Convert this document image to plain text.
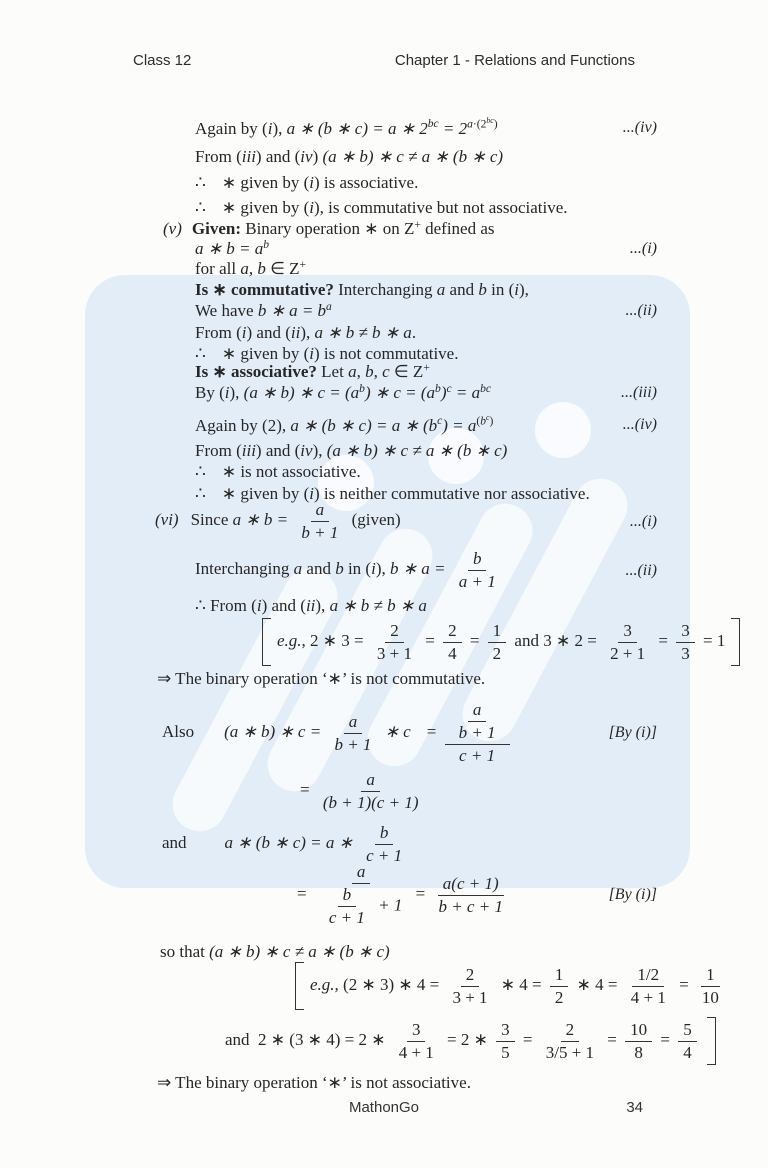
Class 12	Chapter 1 - Relations and Functions
Again by (i), a ∗ (b ∗ c) = a ∗ 2bc = 2a·(2bc)	...(iv)
From (iii) and (iv) (a ∗ b) ∗ c ≠ a ∗ (b ∗ c)
∴ ∗ given by (i) is associative.
∴ ∗ given by (i), is commutative but not associative.
(v) Given: Binary operation ∗ on Z+ defined as
a ∗ b = ab	...(i)
for all a, b ∈ Z+
Is ∗ commutative? Interchanging a and b in (i),
We have b ∗ a = ba	...(ii)
From (i) and (ii), a ∗ b ≠ b ∗ a.
∴ ∗ given by (i) is not commutative.
Is ∗ associative? Let a, b, c ∈ Z+
By (i), (a ∗ b) ∗ c = (ab) ∗ c = (ab)c = abc	...(iii)
Again by (2), a ∗ (b ∗ c) = a ∗ (bc) = a(bc)	...(iv)
From (iii) and (iv), (a ∗ b) ∗ c ≠ a ∗ (b ∗ c)
∴ ∗ is not associative.
∴ ∗ given by (i) is neither commutative nor associative.
(vi) Since a ∗ $b = \frac{a}{b + 1}$ (given)	...(i)
Interchanging a and b in (i), b ∗ $a = \frac{b}{a + 1}$	...(ii)
∴ From (i) and (ii), a ∗ b ≠ b ∗ a
e.g., 2 ∗ $3 = \frac{2}{3 + 1} = \frac{2}{4} = \frac{1}{2}$ and 3 ∗ $2 = \frac{3}{2 + 1} = \frac{3}{3} = 1$
⇒ The binary operation ‘∗’ is not commutative.
Also (a ∗ b) ∗ $c = \frac{a}{b + 1}$ ∗ $c = \frac{\frac{a}{b + 1}}{c + 1}$	[By (i)]
= $\frac{a}{(b + 1)(c + 1)}$
and a ∗ (b ∗ c) = a ∗ $\frac{b}{c + 1}$
= $\frac{a}{\frac{b}{c + 1} + 1} = \frac{a(c + 1)}{b + c + 1}$	[By (i)]
so that (a ∗ b) ∗ c ≠ a ∗ (b ∗ c)
e.g., (2 ∗ 3) ∗ $4 = \frac{2}{3 + 1}$ ∗ $4 = \frac{1}{2}$ ∗ $4 = \frac{1/2}{4 + 1} = \frac{1}{10}$
and  2 ∗ (3 ∗ 4) = 2 ∗ $\frac{3}{4 + 1} = 2$ ∗ $\frac{3}{5} = \frac{2}{3/5 + 1} = \frac{10}{8} = \frac{5}{4}$
⇒ The binary operation ‘∗’ is not associative.
MathonGo	34
